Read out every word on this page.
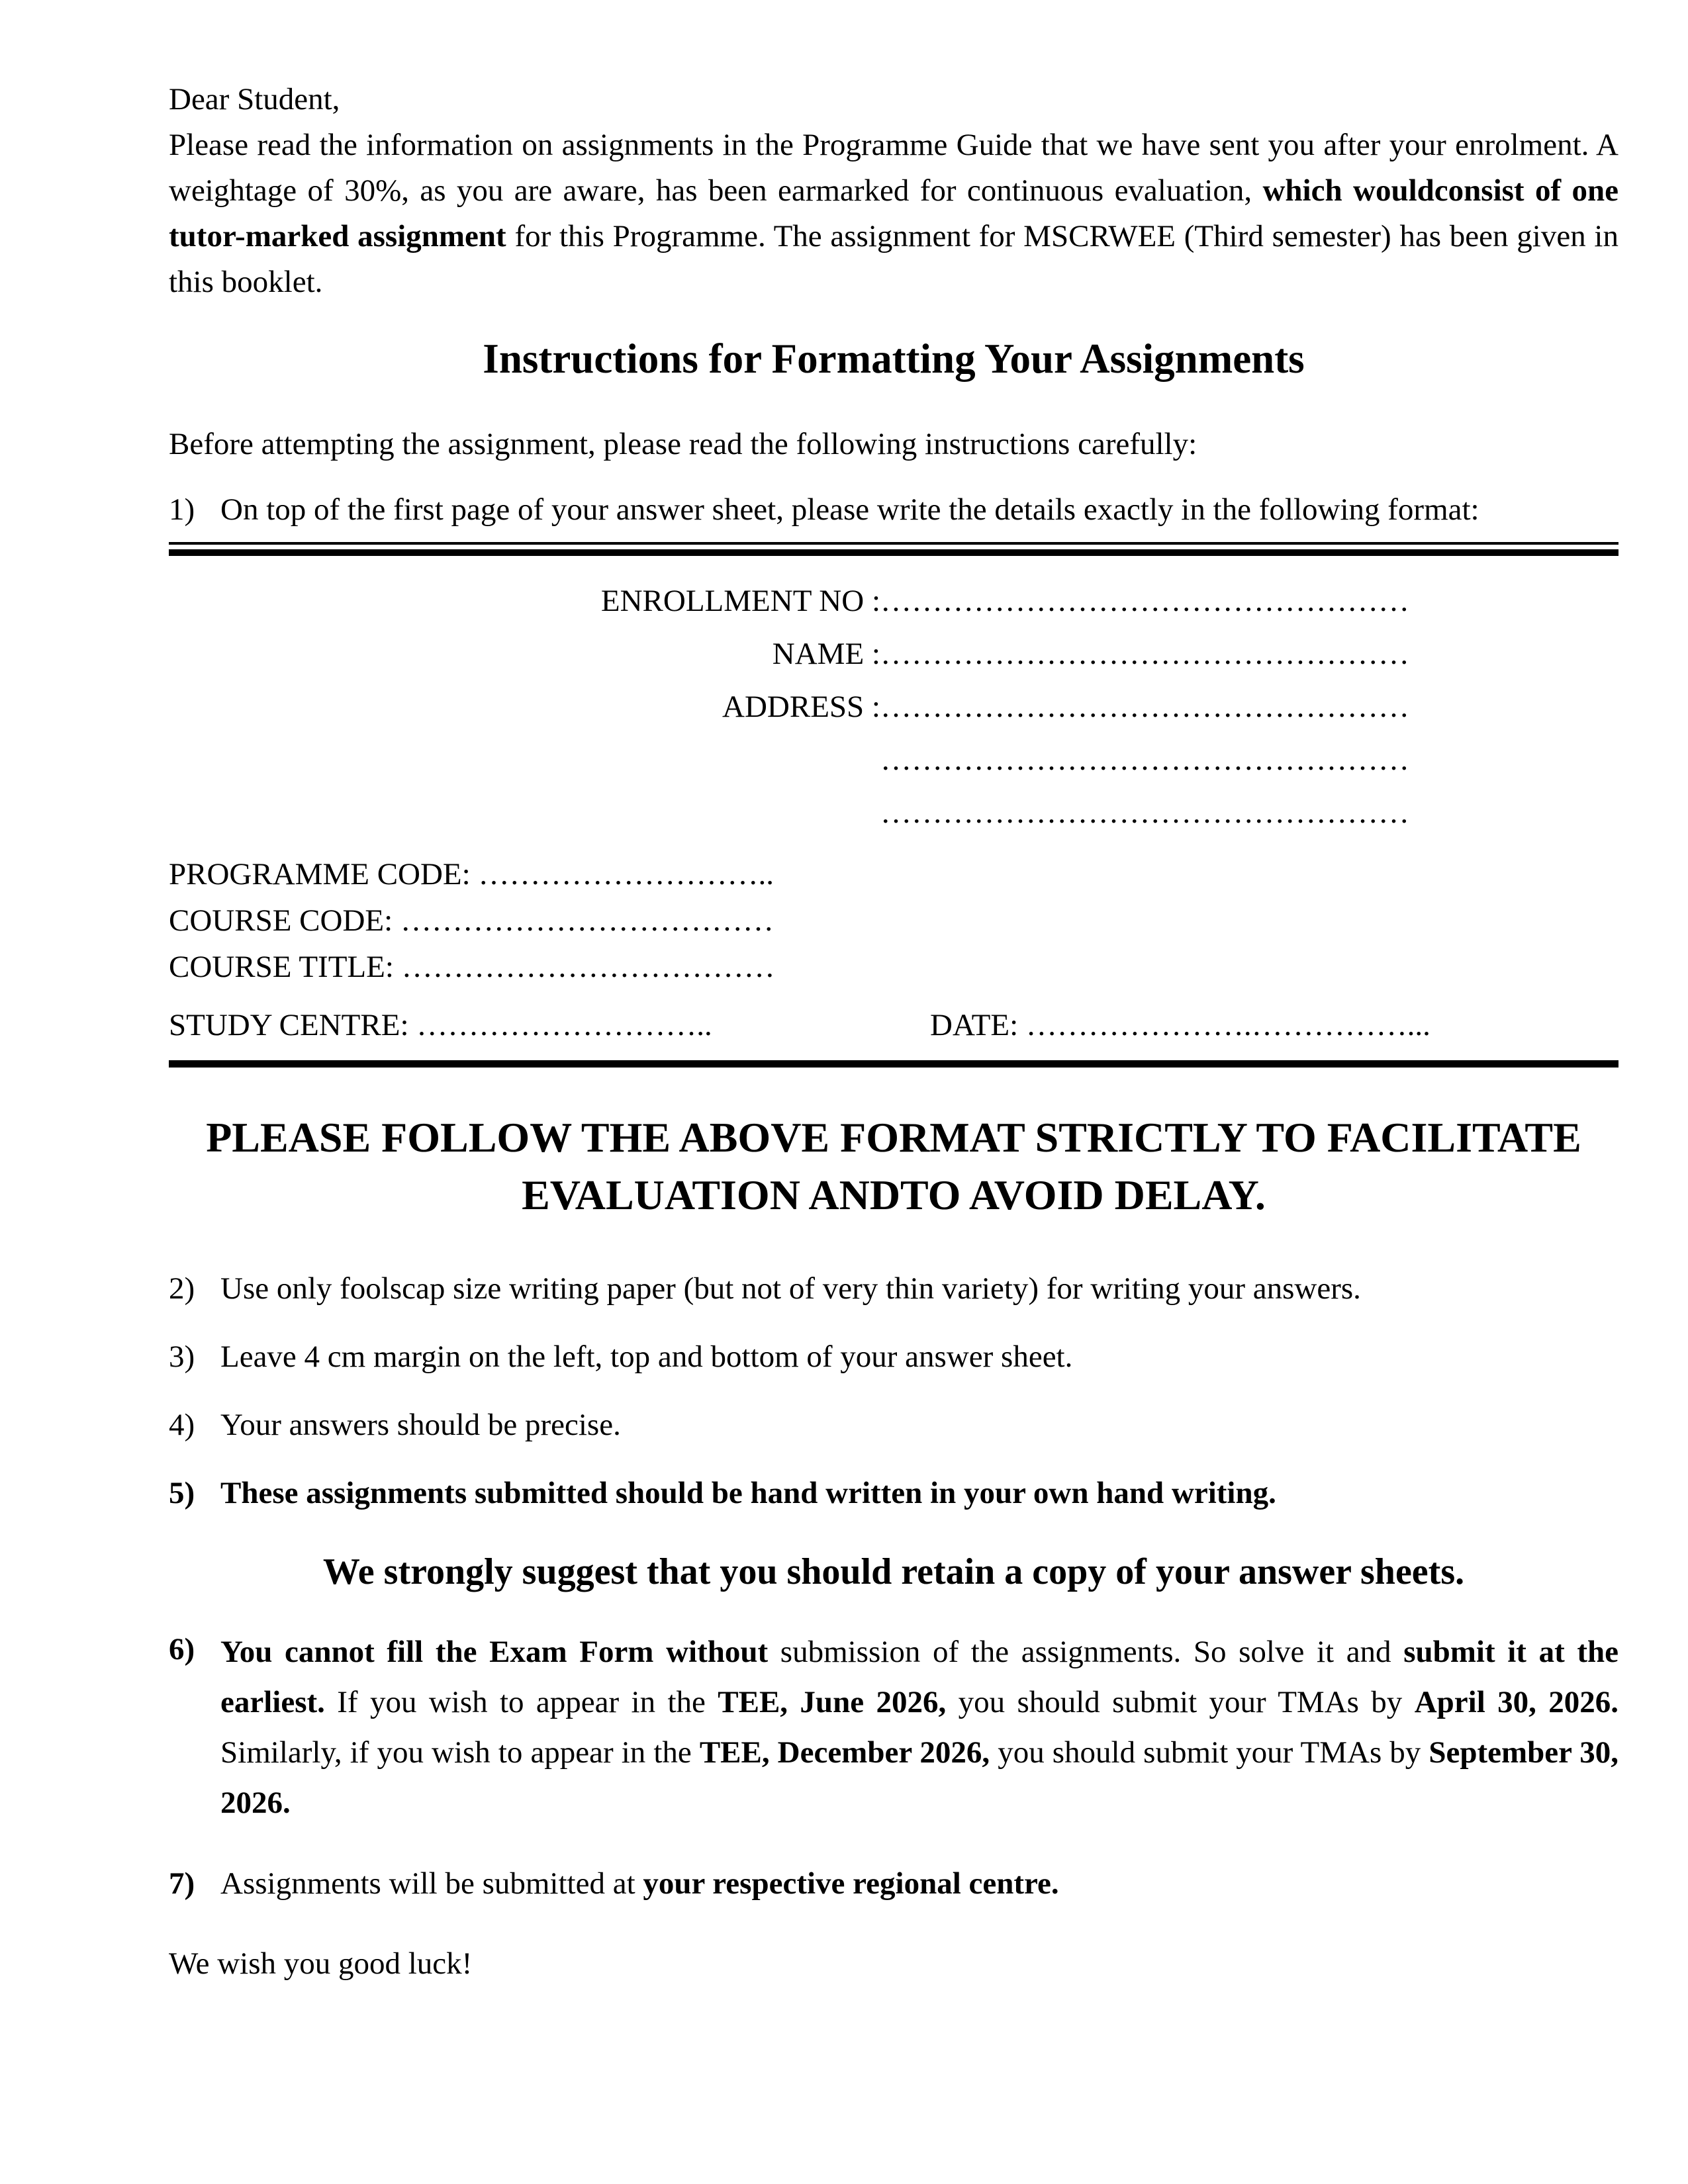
Dear Student,

Please read the information on assignments in the Programme Guide that we have sent you after your enrolment. A weightage of 30%, as you are aware, has been earmarked for continuous evaluation, which wouldconsist of one tutor-marked assignment for this Programme. The assignment for MSCRWEE (Third semester) has been given in this booklet.

Instructions for Formatting Your Assignments
Before attempting the assignment, please read the following instructions carefully:
1) On top of the first page of your answer sheet, please write the details exactly in the following format:
ENROLLMENT NO : ……………………………………………
NAME : ……………………………………………
ADDRESS : ……………………………………………
……………………………………………
……………………………………………
PROGRAMME CODE: ………………………..
COURSE CODE: ………………………………
COURSE TITLE: ………………………………
STUDY CENTRE: ………………………..	DATE: ………………….……………...
PLEASE FOLLOW THE ABOVE FORMAT STRICTLY TO FACILITATE
EVALUATION ANDTO AVOID DELAY.
2) Use only foolscap size writing paper (but not of very thin variety) for writing your answers.
3) Leave 4 cm margin on the left, top and bottom of your answer sheet.
4) Your answers should be precise.
5) These assignments submitted should be hand written in your own hand writing.
We strongly suggest that you should retain a copy of your answer sheets.
6) You cannot fill the Exam Form without submission of the assignments. So solve it and submit it at the earliest. If you wish to appear in the TEE, June 2026, you should submit your TMAs by April 30, 2026. Similarly, if you wish to appear in the TEE, December 2026, you should submit your TMAs by September 30, 2026.
7) Assignments will be submitted at your respective regional centre.
We wish you good luck!
